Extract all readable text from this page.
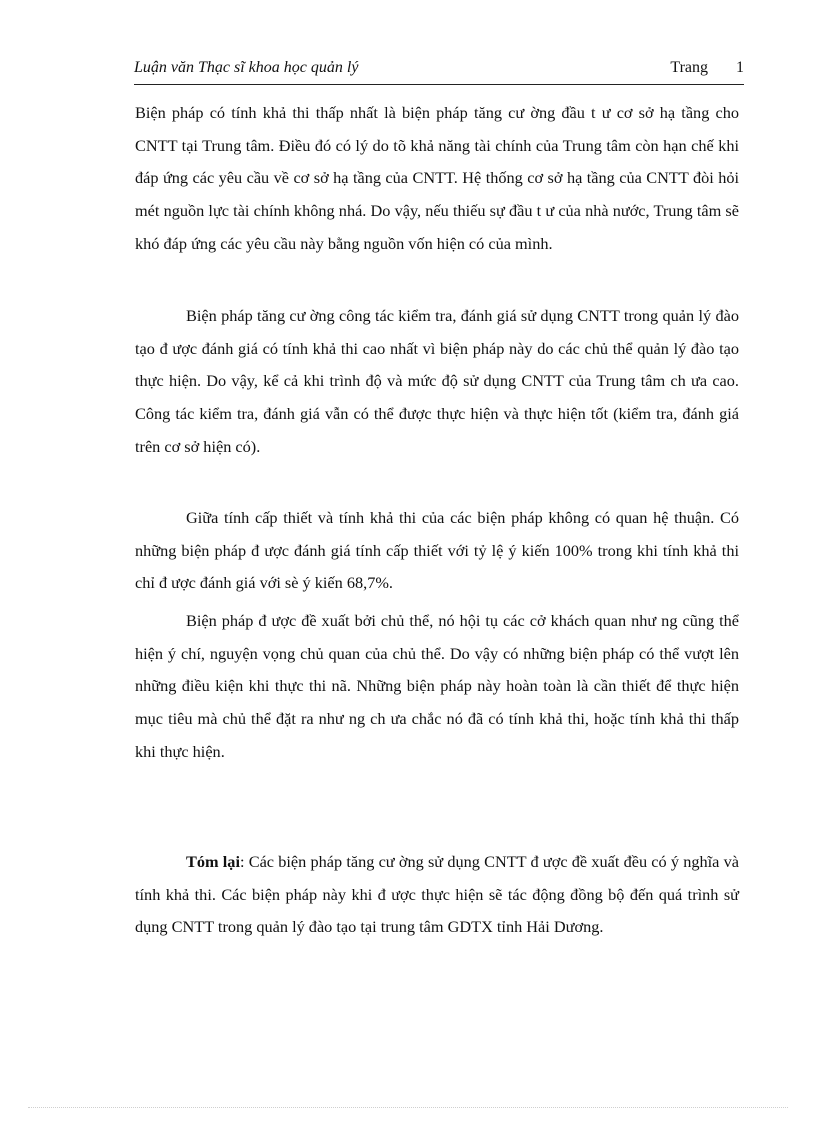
Luận văn Thạc sĩ khoa học quản lý	Trang 1

Biện pháp có tính khả thi thấp nhất là biện pháp tăng cư ờng đầu t ư cơ sở hạ tầng cho CNTT tại Trung tâm. Điều đó có lý do tõ khả năng tài chính của Trung tâm còn hạn chế khi đáp ứng các yêu cầu về cơ sở hạ tầng của CNTT. Hệ thống cơ sở hạ tầng của CNTT đòi hỏi mét nguồn lực tài chính không nhá. Do vậy, nếu thiếu sự đầu t ư của nhà nước, Trung tâm sẽ khó đáp ứng các yêu cầu này bằng nguồn vốn hiện có của mình.

Biện pháp tăng cư ờng công tác kiểm tra, đánh giá sử dụng CNTT trong quản lý đào tạo đ ược đánh giá có tính khả thi cao nhất vì biện pháp này do các chủ thể quản lý đào tạo thực hiện. Do vậy, kể cả khi trình độ và mức độ sử dụng CNTT của Trung tâm ch ưa cao. Công tác kiểm tra, đánh giá vẫn có thể được thực hiện và thực hiện tốt (kiểm tra, đánh giá trên cơ sở hiện có).

Giữa tính cấp thiết và tính khả thi của các biện pháp không có quan hệ thuận. Có những biện pháp đ ược đánh giá tính cấp thiết với tỷ lệ ý kiến 100% trong khi tính khả thi chỉ đ ược đánh giá với sè ý kiến 68,7%.

Biện pháp đ ược đề xuất bởi chủ thể, nó hội tụ các cở khách quan như ng cũng thể hiện ý chí, nguyện vọng chủ quan của chủ thể. Do vậy có những biện pháp có thể vượt lên những điều kiện khi thực thi nã. Những biện pháp này hoàn toàn là cần thiết để thực hiện mục tiêu mà chủ thể đặt ra như ng ch ưa chắc nó đã có tính khả thi, hoặc tính khả thi thấp khi thực hiện.

Tóm lại: Các biện pháp tăng cư ờng sử dụng CNTT đ ược đề xuất đều có ý nghĩa và tính khả thi. Các biện pháp này khi đ ược thực hiện sẽ tác động đồng bộ đến quá trình sử dụng CNTT trong quản lý đào tạo tại trung tâm GDTX tỉnh Hải Dương.
